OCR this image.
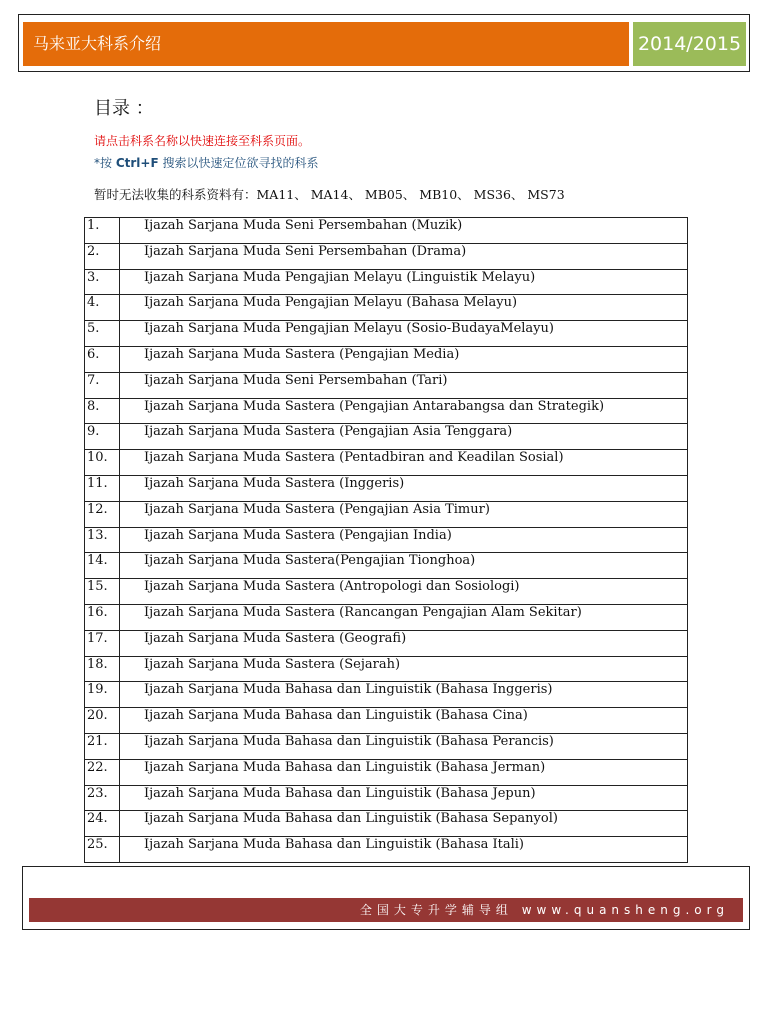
马来亚大科系介绍	2014/2015
目录 ：
请点击科系名称以快速连接至科系页面。
*按 Ctrl+F 搜索以快速定位欲寻找的科系
暂时无法收集的科系资料有：MA11、 MA14、 MB05、 MB10、 MS36、 MS73
1.	Ijazah Sarjana Muda Seni Persembahan (Muzik)
2.	Ijazah Sarjana Muda Seni Persembahan (Drama)
3.	Ijazah Sarjana Muda Pengajian Melayu (Linguistik Melayu)
4.	Ijazah Sarjana Muda Pengajian Melayu (Bahasa Melayu)
5.	Ijazah Sarjana Muda Pengajian Melayu (Sosio-BudayaMelayu)
6.	Ijazah Sarjana Muda Sastera (Pengajian Media)
7.	Ijazah Sarjana Muda Seni Persembahan (Tari)
8.	Ijazah Sarjana Muda Sastera (Pengajian Antarabangsa dan Strategik)
9.	Ijazah Sarjana Muda Sastera (Pengajian Asia Tenggara)
10.	Ijazah Sarjana Muda Sastera (Pentadbiran and Keadilan Sosial)
11.	Ijazah Sarjana Muda Sastera (Inggeris)
12.	Ijazah Sarjana Muda Sastera (Pengajian Asia Timur)
13.	Ijazah Sarjana Muda Sastera (Pengajian India)
14.	Ijazah Sarjana Muda Sastera(Pengajian Tionghoa)
15.	Ijazah Sarjana Muda Sastera (Antropologi dan Sosiologi)
16.	Ijazah Sarjana Muda Sastera (Rancangan Pengajian Alam Sekitar)
17.	Ijazah Sarjana Muda Sastera (Geografi)
18.	Ijazah Sarjana Muda Sastera (Sejarah)
19.	Ijazah Sarjana Muda Bahasa dan Linguistik (Bahasa Inggeris)
20.	Ijazah Sarjana Muda Bahasa dan Linguistik (Bahasa Cina)
21.	Ijazah Sarjana Muda Bahasa dan Linguistik (Bahasa Perancis)
22.	Ijazah Sarjana Muda Bahasa dan Linguistik (Bahasa Jerman)
23.	Ijazah Sarjana Muda Bahasa dan Linguistik (Bahasa Jepun)
24.	Ijazah Sarjana Muda Bahasa dan Linguistik (Bahasa Sepanyol)
25.	Ijazah Sarjana Muda Bahasa dan Linguistik (Bahasa Itali)
全国大专升学辅导组 www.quansheng.org
